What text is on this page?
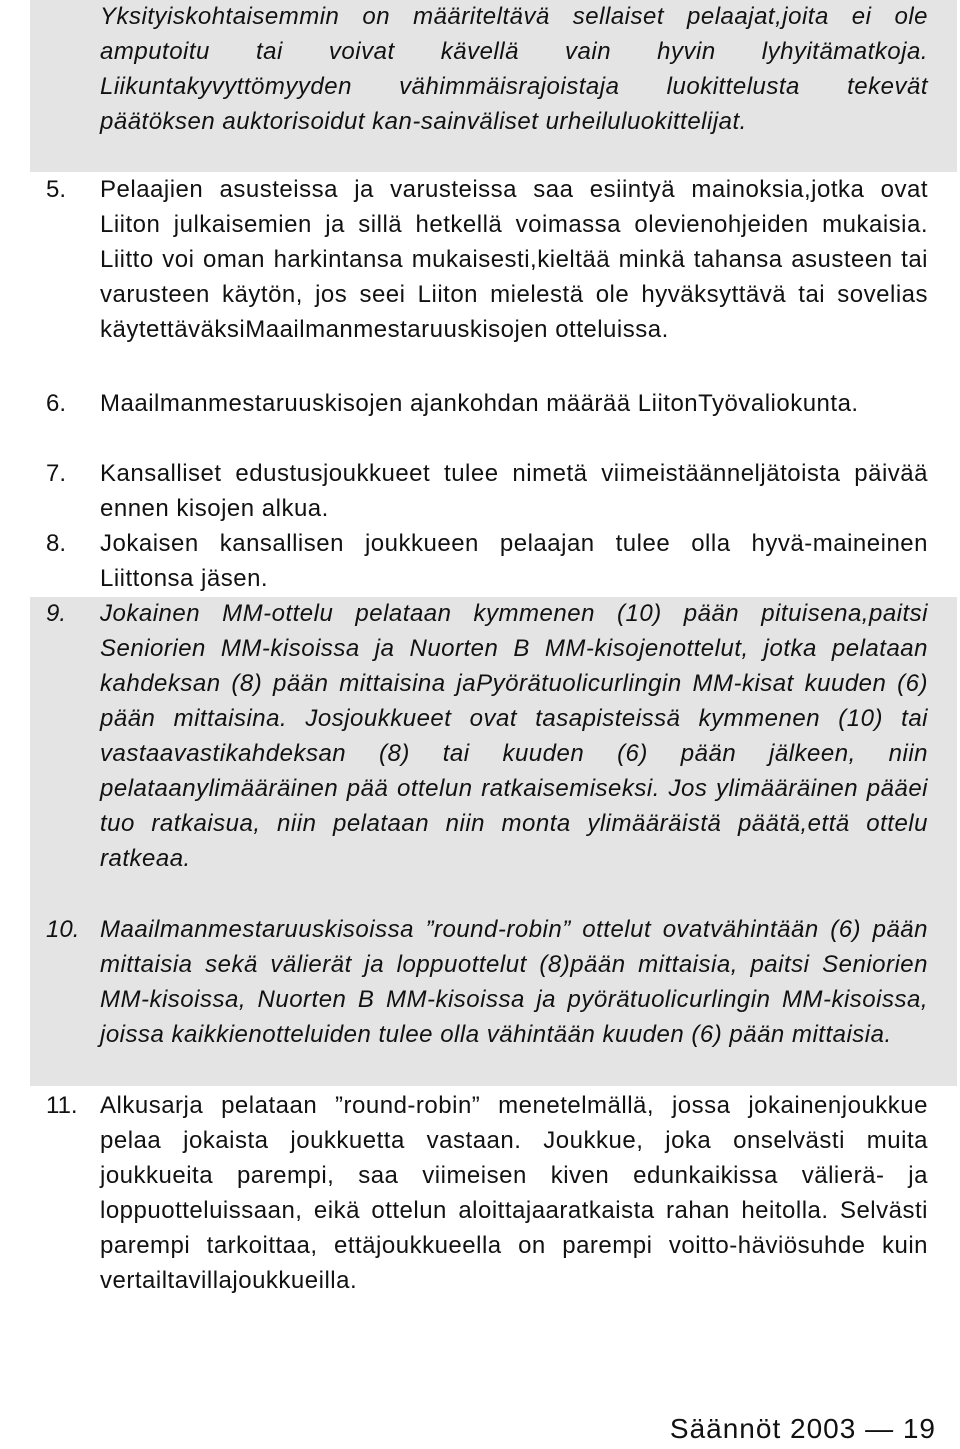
Yksityiskohtaisemmin on määriteltävä sellaiset pelaajat,joita ei ole amputoitu tai voivat kävellä vain hyvin lyhyitämatkoja. Liikuntakyvyttömyyden vähimmäisrajoistaja luokittelusta tekevät päätöksen auktorisoidut kan-sainväliset urheiluluokittelijat.
5. Pelaajien asusteissa ja varusteissa saa esiintyä mainoksia,jotka ovat Liiton julkaisemien ja sillä hetkellä voimassa olevienohjeiden mukaisia. Liitto voi oman harkintansa mukaisesti,kieltää minkä tahansa asusteen tai varusteen käytön, jos seei Liiton mielestä ole hyväksyttävä tai sovelias käytettäväksiMaailmanmestaruuskisojen otteluissa.
6. Maailmanmestaruuskisojen ajankohdan määrää LiitonTyövaliokunta.
7. Kansalliset edustusjoukkueet tulee nimetä viimeistäänneljätoista päivää ennen kisojen alkua.
8. Jokaisen kansallisen joukkueen pelaajan tulee olla hyvä-maineinen Liittonsa jäsen.
9. Jokainen MM-ottelu pelataan kymmenen (10) pään pituisena,paitsi Seniorien MM-kisoissa ja Nuorten B MM-kisojenottelut, jotka pelataan kahdeksan (8) pään mittaisina jaPyörätuolicurlingin MM-kisat kuuden (6) pään mittaisina. Josjoukkueet ovat tasapisteissä kymmenen (10) tai vastaavastikahdeksan (8) tai kuuden (6) pään jälkeen, niin pelataanylimääräinen pää ottelun ratkaisemiseksi. Jos ylimääräinen pääei tuo ratkaisua, niin pelataan niin monta ylimääräistä päätä,että ottelu ratkeaa.
10. Maailmanmestaruuskisoissa ”round-robin” ottelut ovatvähintään (6) pään mittaisia sekä välierät ja loppuottelut (8)pään mittaisia, paitsi Seniorien MM-kisoissa, Nuorten B MM-kisoissa ja pyörätuolicurlingin MM-kisoissa, joissa kaikkienotteluiden tulee olla vähintään kuuden (6) pään mittaisia.
11. Alkusarja pelataan ”round-robin” menetelmällä, jossa jokainenjoukkue pelaa jokaista joukkuetta vastaan. Joukkue, joka onselvästi muita joukkueita parempi, saa viimeisen kiven edunkaikissa välierä- ja loppuotteluissaan, eikä ottelun aloittajaaratkaista rahan heitolla. Selvästi parempi tarkoittaa, ettäjoukkueella on parempi voitto-häviösuhde kuin vertailtavillajoukkueilla.
Säännöt 2003 — 19
